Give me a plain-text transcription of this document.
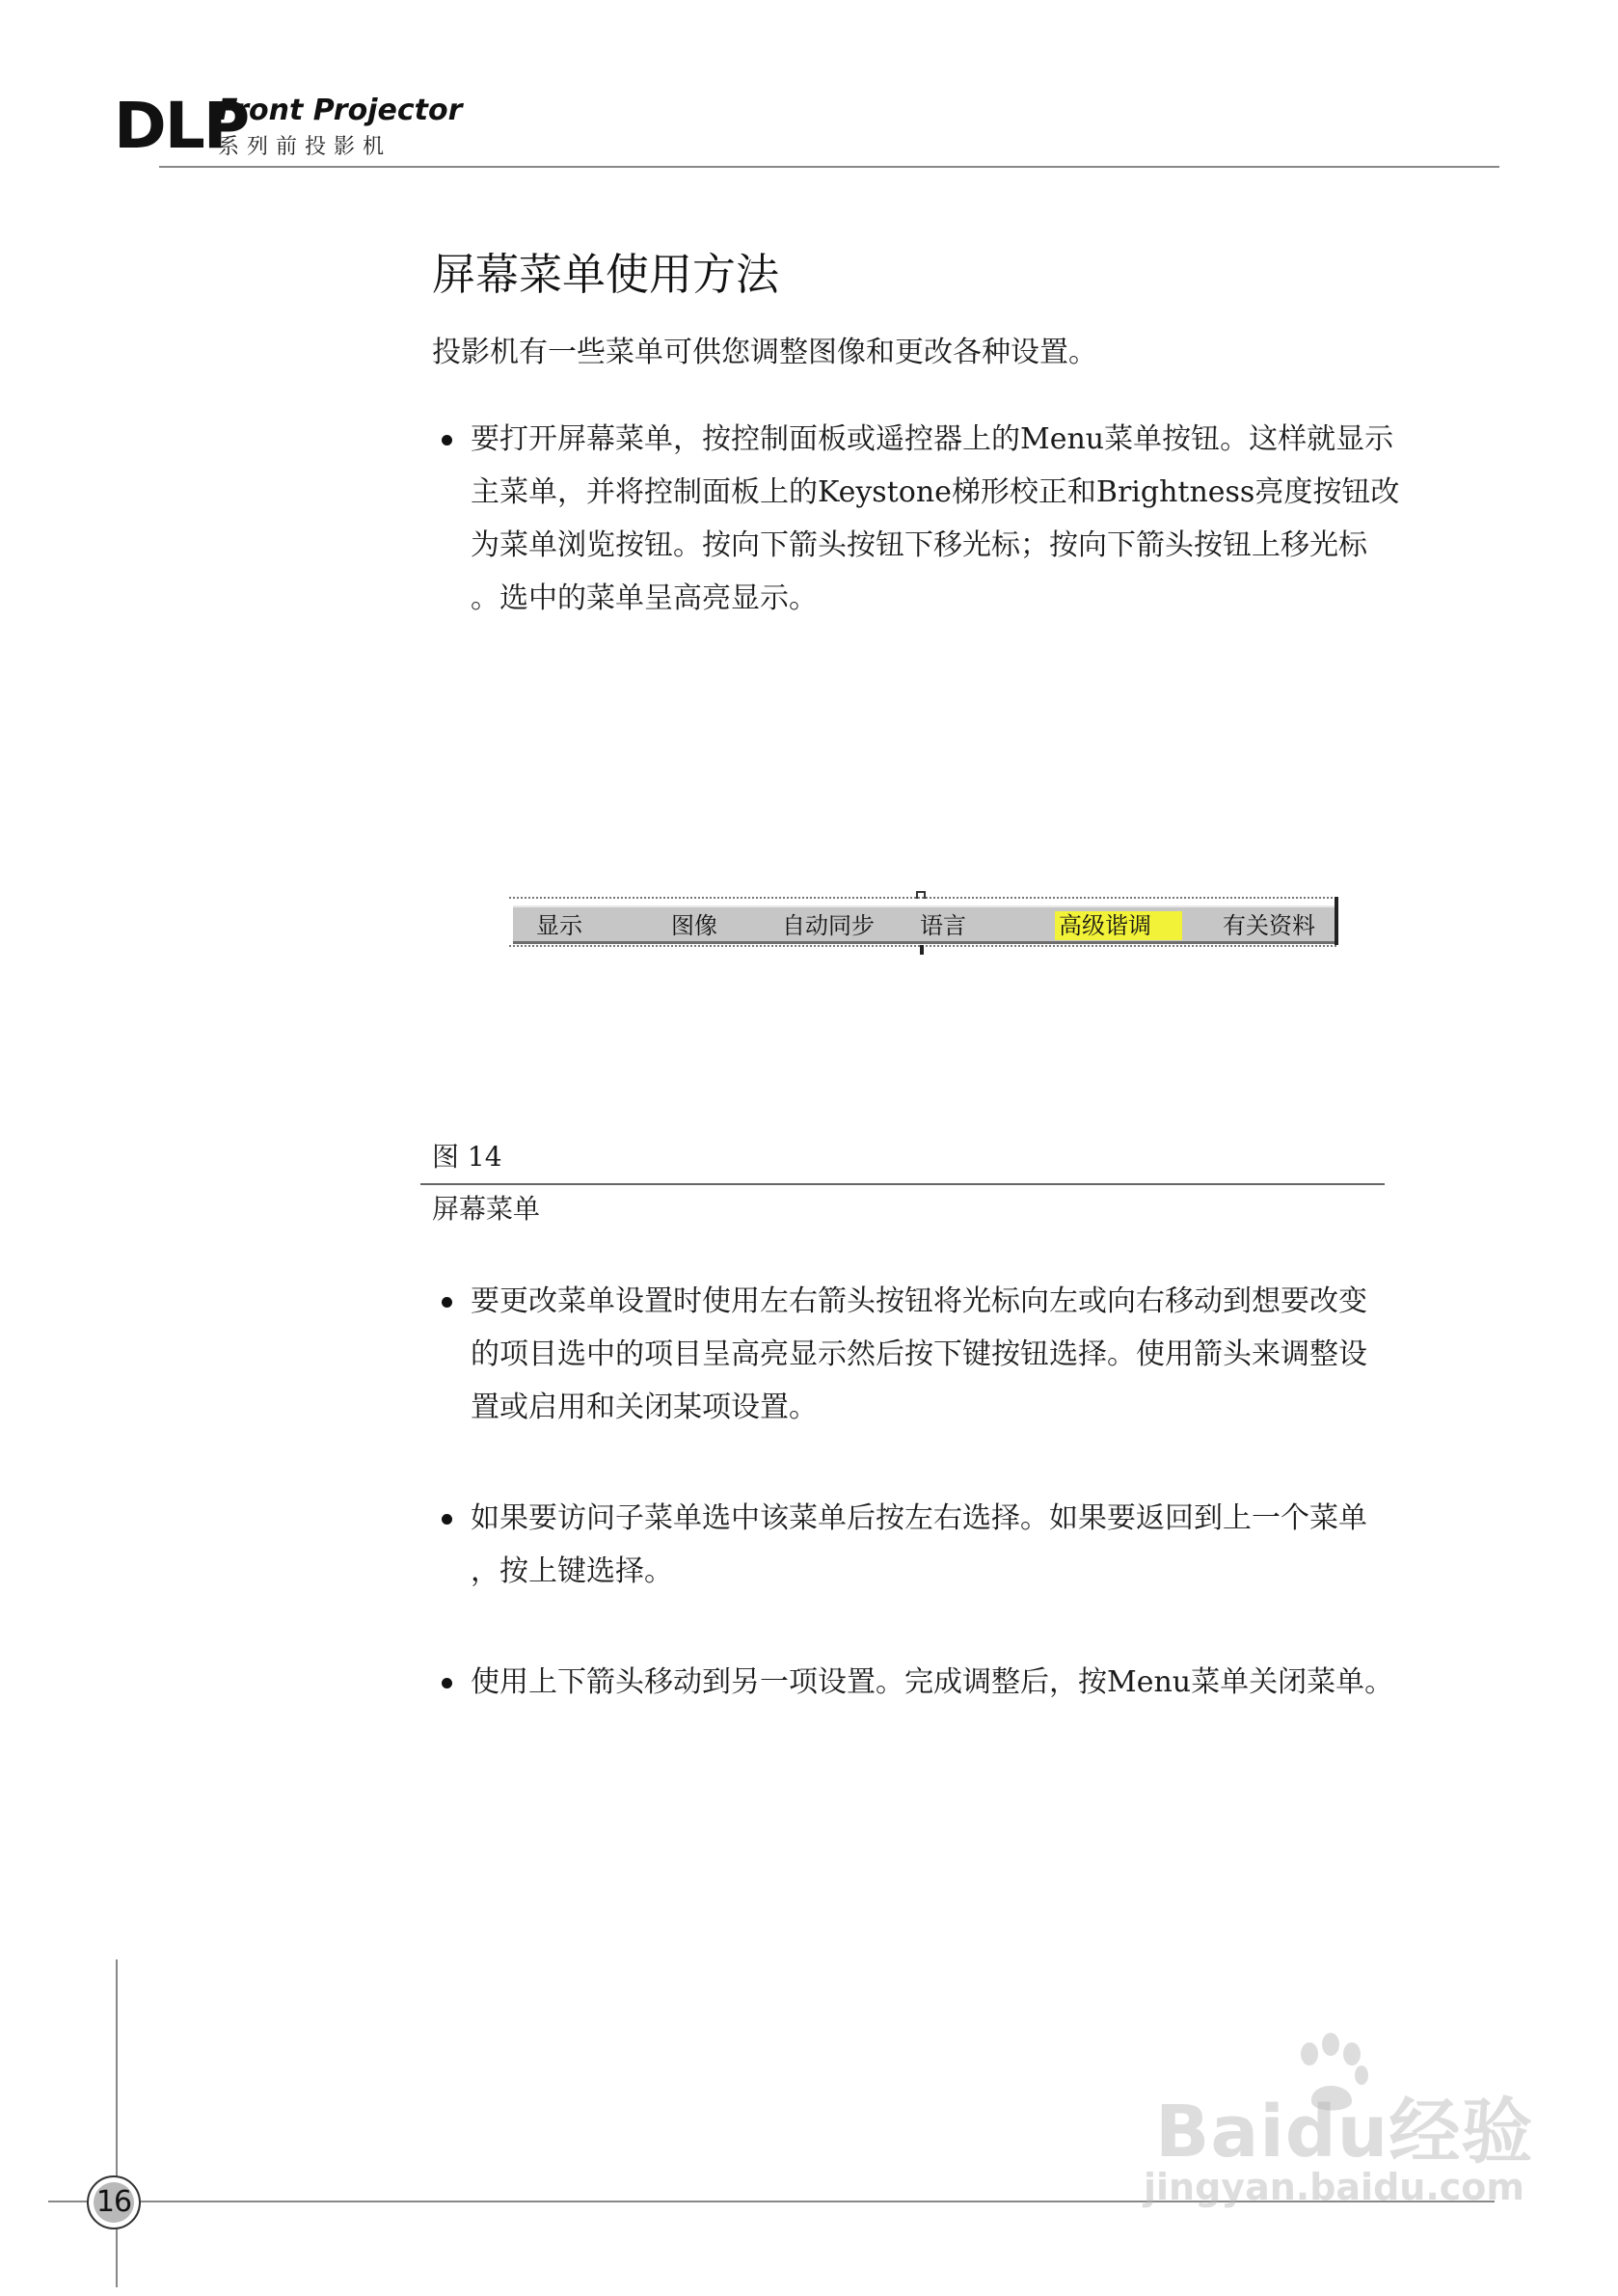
DLP
Front Projector
系列前投影机
屏幕菜单使用方法
投影机有一些菜单可供您调整图像和更改各种设置。
要打开屏幕菜单，按控制面板或遥控器上的Menu菜单按钮。这样就显示
主菜单，并将控制面板上的Keystone梯形校正和Brightness亮度按钮改
为菜单浏览按钮。按向下箭头按钮下移光标；按向下箭头按钮上移光标
。选中的菜单呈高亮显示。
显示	图像	自动同步 语言	高级谐调	有关资料
图 14
屏幕菜单
要更改菜单设置时使用左右箭头按钮将光标向左或向右移动到想要改变
的项目选中的项目呈高亮显示然后按下键按钮选择。使用箭头来调整设
置或启用和关闭某项设置。
如果要访问子菜单选中该菜单后按左右选择。如果要返回到上一个菜单
，按上键选择。
使用上下箭头移动到另一项设置。完成调整后，按Menu菜单关闭菜单。
16
Baidu经验
jingyan.baidu.com
